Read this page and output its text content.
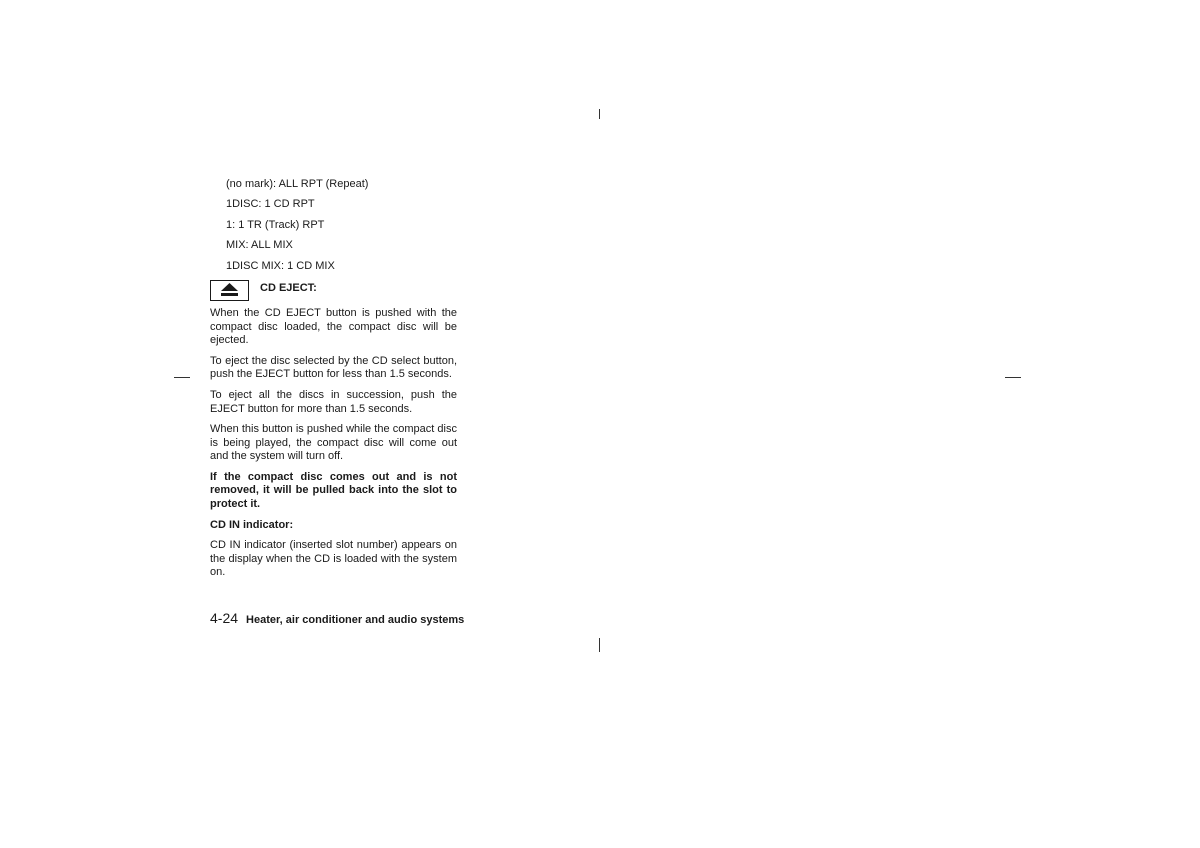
(no mark): ALL RPT (Repeat)
1DISC: 1 CD RPT
1: 1 TR (Track) RPT
MIX: ALL MIX
1DISC MIX: 1 CD MIX
CD EJECT:

When the CD EJECT button is pushed with the compact disc loaded, the compact disc will be ejected.

To eject the disc selected by the CD select button, push the EJECT button for less than 1.5 seconds.

To eject all the discs in succession, push the EJECT button for more than 1.5 seconds.

When this button is pushed while the compact disc is being played, the compact disc will come out and the system will turn off.

If the compact disc comes out and is not removed, it will be pulled back into the slot to protect it.

CD IN indicator:

CD IN indicator (inserted slot number) appears on the display when the CD is loaded with the system on.

4-24 Heater, air conditioner and audio systems
